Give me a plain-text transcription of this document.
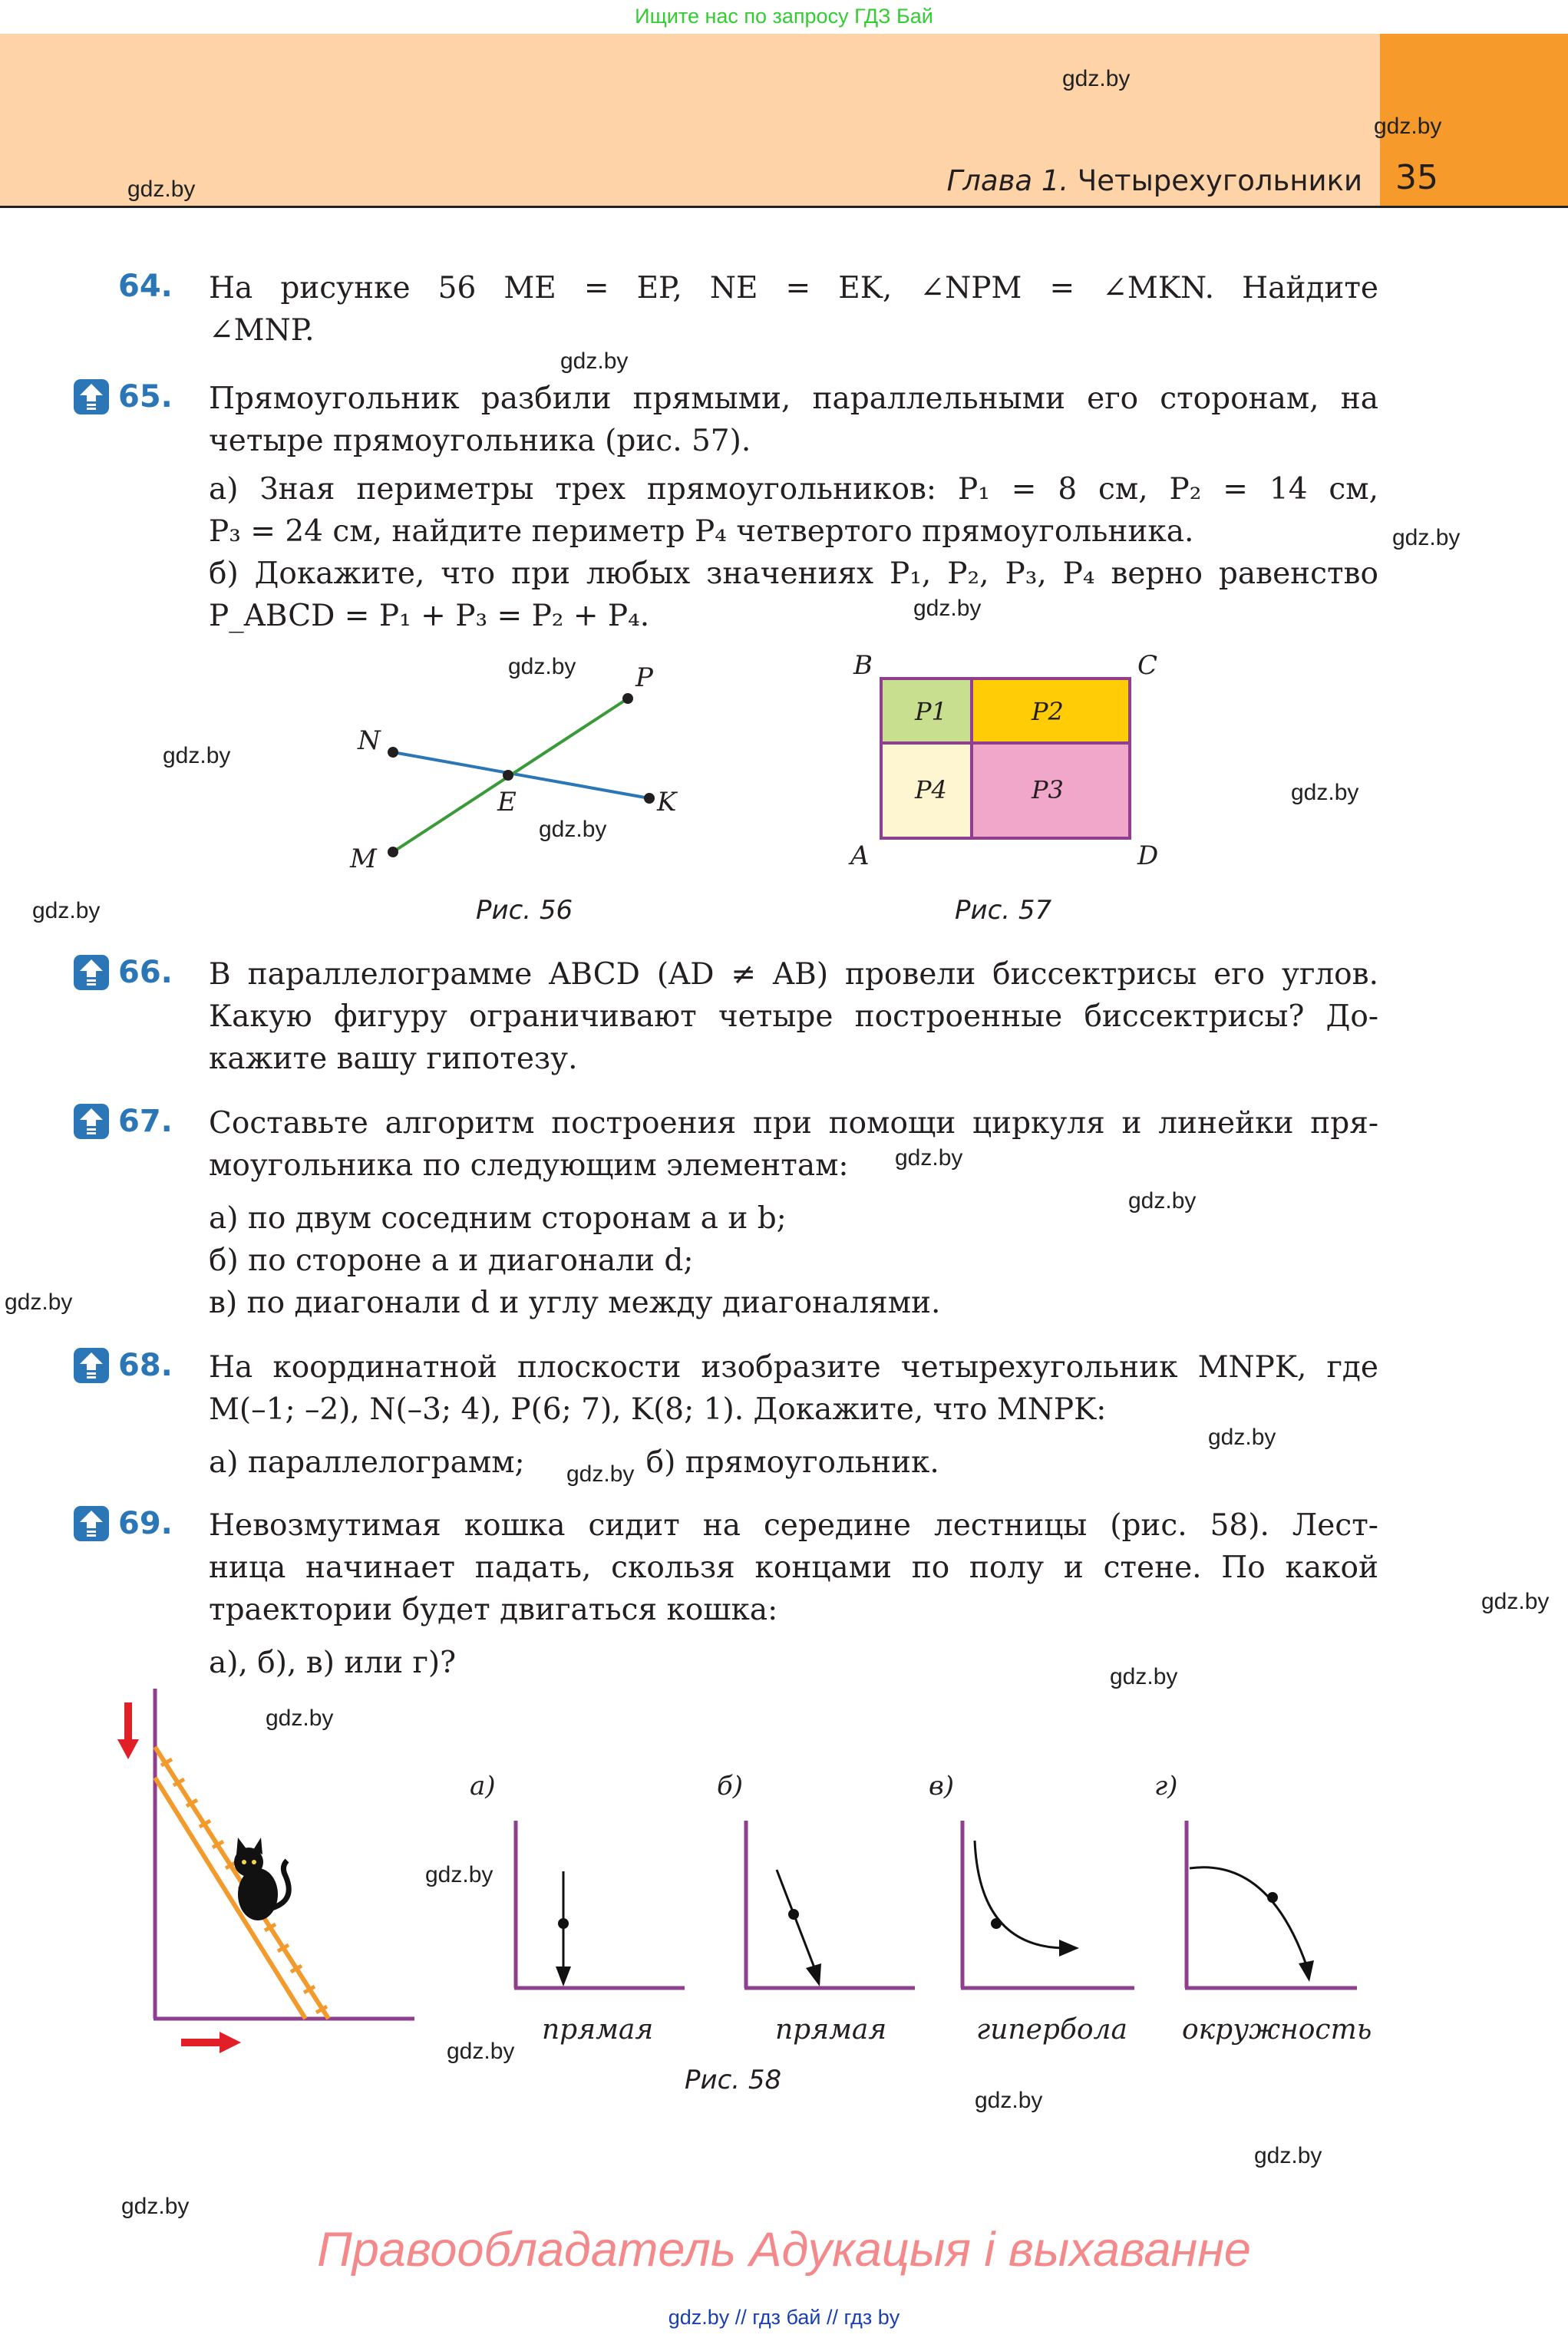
Ищите нас по запросу ГДЗ Бай
Глава 1. Четырехугольники 35
gdz.by
gdz.by
gdz.by
gdz.by
gdz.by
gdz.by
gdz.by
gdz.by
gdz.by
gdz.by
gdz.by
gdz.by
gdz.by
gdz.by
gdz.by
gdz.by
gdz.by
gdz.by
gdz.by
gdz.by
gdz.by
gdz.by
gdz.by
gdz.by
64. На рисунке 56 ME = EP, NE = EK, ∠NPM = ∠MKN. Найдите
∠MNP.
65. Прямоугольник разбили прямыми, параллельными его сторонам, на
четыре прямоугольника (рис. 57).
а) Зная периметры трех прямоугольников: P₁ = 8 см, P₂ = 14 см,
P₃ = 24 см, найдите периметр P₄ четвертого прямоугольника.
б) Докажите, что при любых значениях P₁, P₂, P₃, P₄ верно равенство
P_ABCD = P₁ + P₃ = P₂ + P₄.
N
P
E	K
M
Рис. 56
B	C
A	D
P1	P2
P4	P3
Рис. 57
66. В параллелограмме ABCD (AD ≠ AB) провели биссектрисы его углов.
Какую фигуру ограничивают четыре построенные биссектрисы? До-
кажите вашу гипотезу.
67. Составьте алгоритм построения при помощи циркуля и линейки пря-
моугольника по следующим элементам:
а) по двум соседним сторонам a и b;
б) по стороне a и диагонали d;
в) по диагонали d и углу между диагоналями.
68. На координатной плоскости изобразите четырехугольник MNPK, где
M(–1; –2), N(–3; 4), P(6; 7), K(8; 1). Докажите, что MNPK:
а) параллелограмм;	б) прямоугольник.
69. Невозмутимая кошка сидит на середине лестницы (рис. 58). Лест-
ница начинает падать, скользя концами по полу и стене. По какой
траектории будет двигаться кошка:
а), б), в) или г)?
а)
прямая
б)
прямая
в)
гипербола
г)
окружность
Рис. 58
Правообладатель Адукацыя і выхаванне
gdz.by // гдз бай // гдз by
